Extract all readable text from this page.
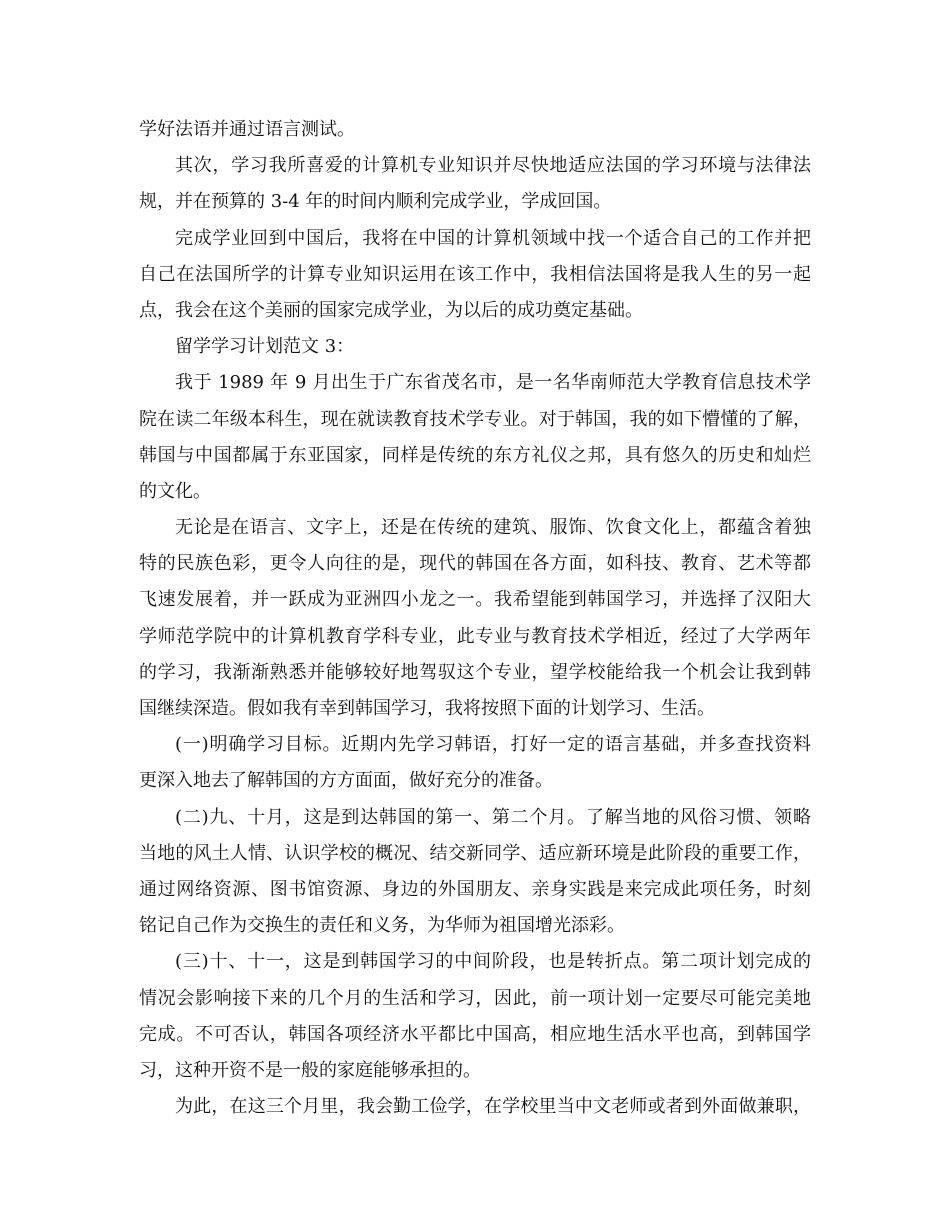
学好法语并通过语言测试。
其次，学习我所喜爱的计算机专业知识并尽快地适应法国的学习环境与法律法
规，并在预算的 3-4 年的时间内顺利完成学业，学成回国。
完成学业回到中国后，我将在中国的计算机领域中找一个适合自己的工作并把
自己在法国所学的计算专业知识运用在该工作中，我相信法国将是我人生的另一起
点，我会在这个美丽的国家完成学业，为以后的成功奠定基础。
留学学习计划范文 3：
我于 1989 年 9 月出生于广东省茂名市，是一名华南师范大学教育信息技术学
院在读二年级本科生，现在就读教育技术学专业。对于韩国，我的如下懵懂的了解，
韩国与中国都属于东亚国家，同样是传统的东方礼仪之邦，具有悠久的历史和灿烂
的文化。
无论是在语言、文字上，还是在传统的建筑、服饰、饮食文化上，都蕴含着独
特的民族色彩，更令人向往的是，现代的韩国在各方面，如科技、教育、艺术等都
飞速发展着，并一跃成为亚洲四小龙之一。我希望能到韩国学习，并选择了汉阳大
学师范学院中的计算机教育学科专业，此专业与教育技术学相近，经过了大学两年
的学习，我渐渐熟悉并能够较好地驾驭这个专业，望学校能给我一个机会让我到韩
国继续深造。假如我有幸到韩国学习，我将按照下面的计划学习、生活。
(一)明确学习目标。近期内先学习韩语，打好一定的语言基础，并多查找资料
更深入地去了解韩国的方方面面，做好充分的准备。
(二)九、十月，这是到达韩国的第一、第二个月。了解当地的风俗习惯、领略
当地的风土人情、认识学校的概况、结交新同学、适应新环境是此阶段的重要工作，
通过网络资源、图书馆资源、身边的外国朋友、亲身实践是来完成此项任务，时刻
铭记自己作为交换生的责任和义务，为华师为祖国增光添彩。
(三)十、十一，这是到韩国学习的中间阶段，也是转折点。第二项计划完成的
情况会影响接下来的几个月的生活和学习，因此，前一项计划一定要尽可能完美地
完成。不可否认，韩国各项经济水平都比中国高，相应地生活水平也高，到韩国学
习，这种开资不是一般的家庭能够承担的。
为此，在这三个月里，我会勤工俭学，在学校里当中文老师或者到外面做兼职，
